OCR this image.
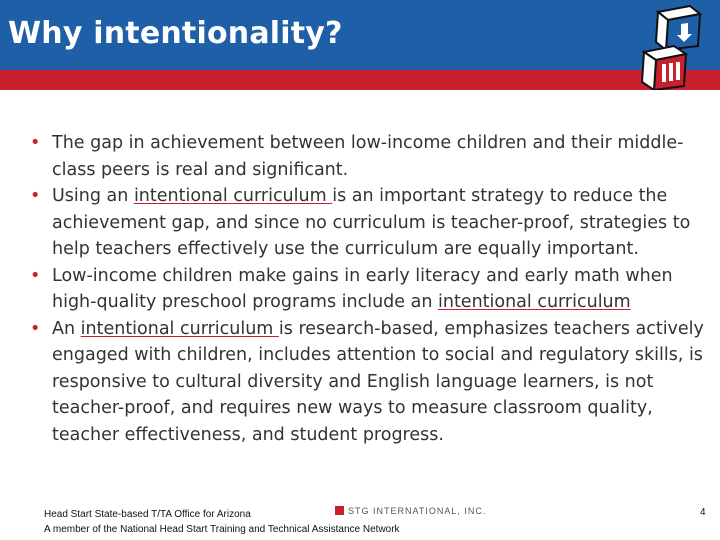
Why intentionality?
• The gap in achievement between low-income children and their middle-class peers is real and significant.
• Using an intentional curriculum is an important strategy to reduce the achievement gap, and since no curriculum is teacher-proof, strategies to help teachers effectively use the curriculum are equally important.
• Low-income children make gains in early literacy and early math when high-quality preschool programs include an intentional curriculum
• An intentional curriculum is research-based, emphasizes teachers actively engaged with children, includes attention to social and regulatory skills, is responsive to cultural diversity and English language learners, is not teacher-proof, and requires new ways to measure classroom quality, teacher effectiveness, and student progress.
Head Start State-based T/TA Office for Arizona
A member of the National Head Start Training and Technical Assistance Network
STG INTERNATIONAL, INC.	4
